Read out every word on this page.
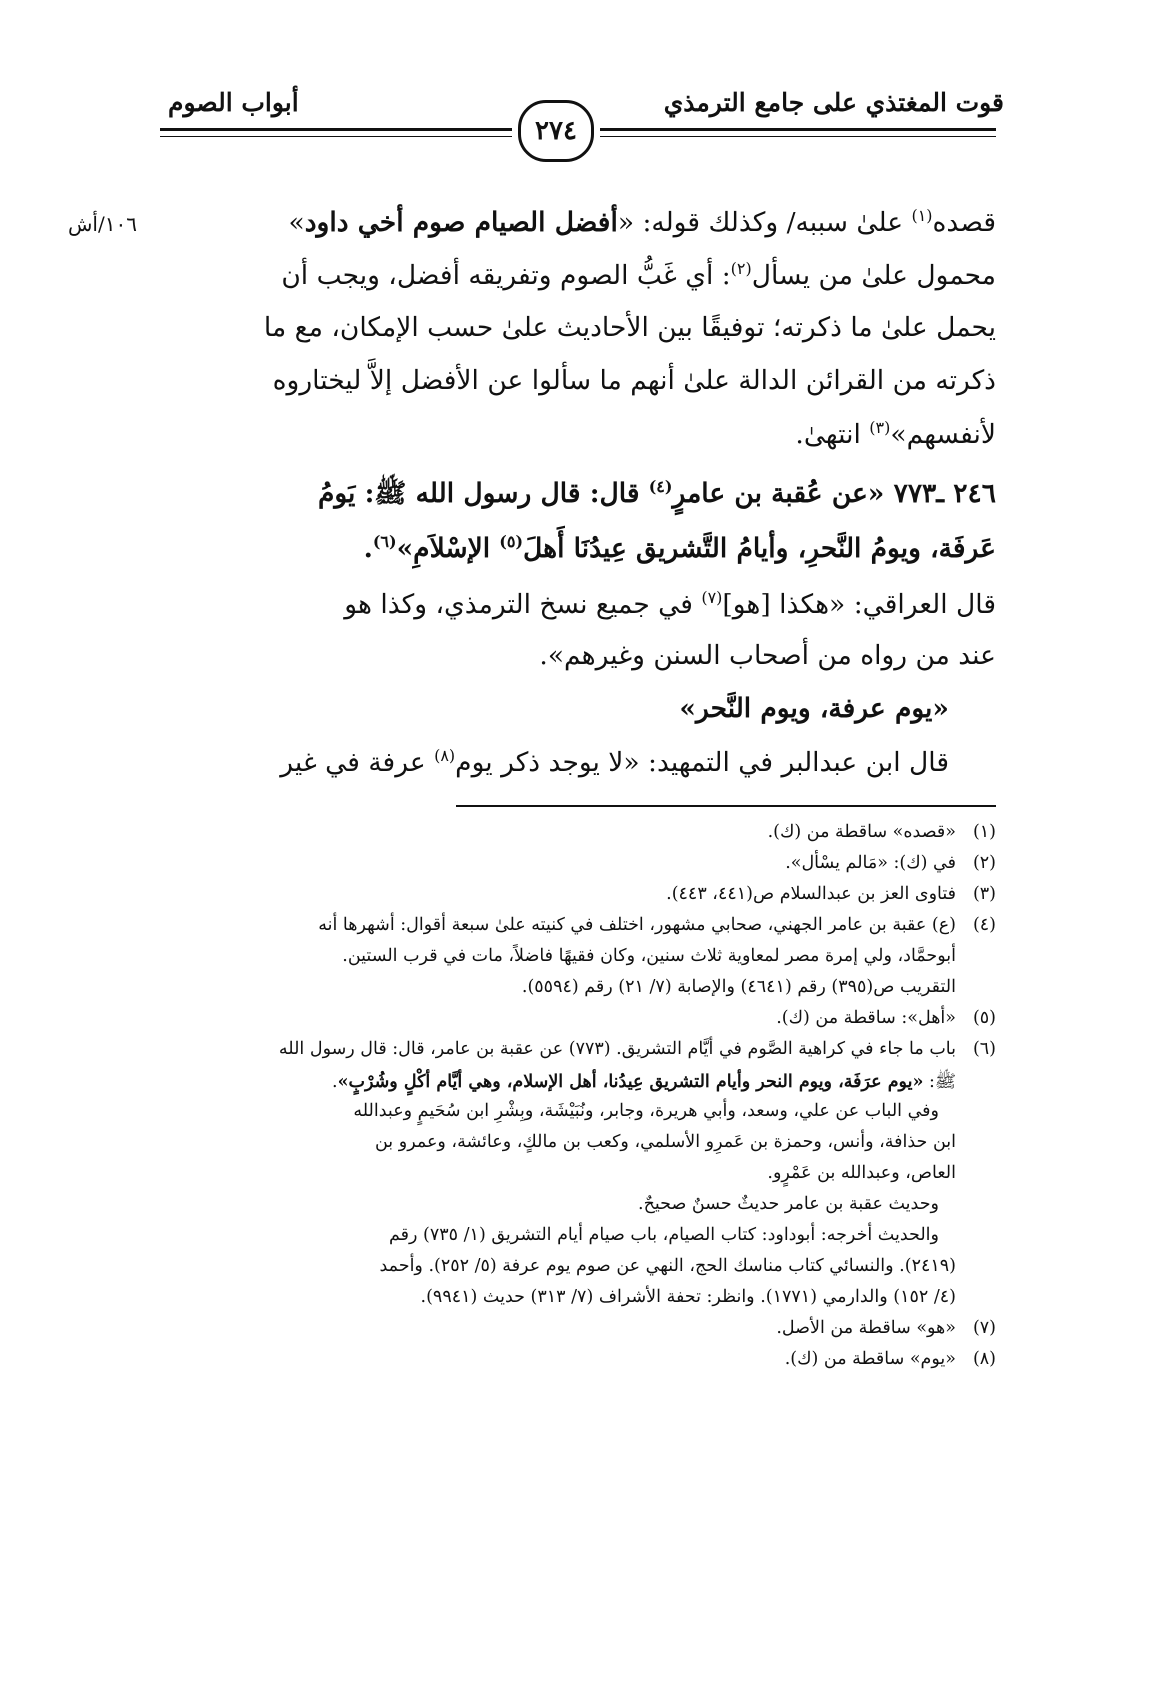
قوت المغتذي على جامع الترمذي
أبواب الصوم
٢٧٤
١٠٦/أش	قصده$^{(١)}$ علىٰ سببه/ وكذلك قوله: «أفضل الصيام صوم أخي داود»
محمول علىٰ من يسأل$^{(٢)}$: أي غَبُّ الصوم وتفريقه أفضل، ويجب أن
يحمل علىٰ ما ذكرته؛ توفيقًا بين الأحاديث علىٰ حسب الإمكان، مع ما
ذكرته من القرائن الدالة علىٰ أنهم ما سألوا عن الأفضل إلاَّ ليختاروه
لأنفسهم»$^{(٣)}$ انتهىٰ.
٢٤٦ ـ٧٧٣ «عن عُقبة بن عامرٍ$^{(٤)}$ قال: قال رسول الله ﷺ: يَومُ
عَرفَة، ويومُ النَّحرِ، وأيامُ التَّشريق عِيدُنَا أَهلَ$^{(٥)}$ الإسْلاَمِ»$^{(٦)}$.
قال العراقي: «هكذا [هو]$^{(٧)}$ في جميع نسخ الترمذي، وكذا هو
عند من رواه من أصحاب السنن وغيرهم».
«يوم عرفة، ويوم النَّحر»
قال ابن عبدالبر في التمهيد: «لا يوجد ذكر يوم$^{(٨)}$ عرفة في غير
(١)«قصده» ساقطة من (ك).
(٢)في (ك): «مَالم يسْأل».
(٣)فتاوى العز بن عبدالسلام ص(٤٤١، ٤٤٣).
(٤)(ع) عقبة بن عامر الجهني، صحابي مشهور، اختلف في كنيته علىٰ سبعة أقوال: أشهرها أنه
أبوحمَّاد، ولي إمرة مصر لمعاوية ثلاث سنين، وكان فقيهًا فاضلاً، مات في قرب الستين.
التقريب ص(٣٩٥) رقم (٤٦٤١) والإصابة (٧/ ٢١) رقم (٥٥٩٤).
(٥)«أهل»: ساقطة من (ك).
(٦)باب ما جاء في كراهية الصَّوم في أيَّام التشريق. (٧٧٣) عن عقبة بن عامر، قال: قال رسول الله
ﷺ: «يوم عرَفَة، ويوم النحر وأيام التشريق عِيدُنا، أهل الإسلام، وهي أيَّام أكْلٍ وشُرْبٍ».
وفي الباب عن علي، وسعد، وأبي هريرة، وجابر، ونُبَيْشَة، وبِشْرِ ابن سُحَيمٍ وعبدالله
ابن حذافة، وأنس، وحمزة بن عَمرِو الأسلمي، وكعب بن مالكٍ، وعائشة، وعمرو بن
العاص، وعبدالله بن عَمْرٍو.
وحديث عقبة بن عامر حديثٌ حسنٌ صحيحٌ.
والحديث أخرجه: أبوداود: كتاب الصيام، باب صيام أيام التشريق (١/ ٧٣٥) رقم
(٢٤١٩). والنسائي كتاب مناسك الحج، النهي عن صوم يوم عرفة (٥/ ٢٥٢). وأحمد
(٤/ ١٥٢) والدارمي (١٧٧١). وانظر: تحفة الأشراف (٧/ ٣١٣) حديث (٩٩٤١).
(٧)«هو» ساقطة من الأصل.
(٨)«يوم» ساقطة من (ك).
